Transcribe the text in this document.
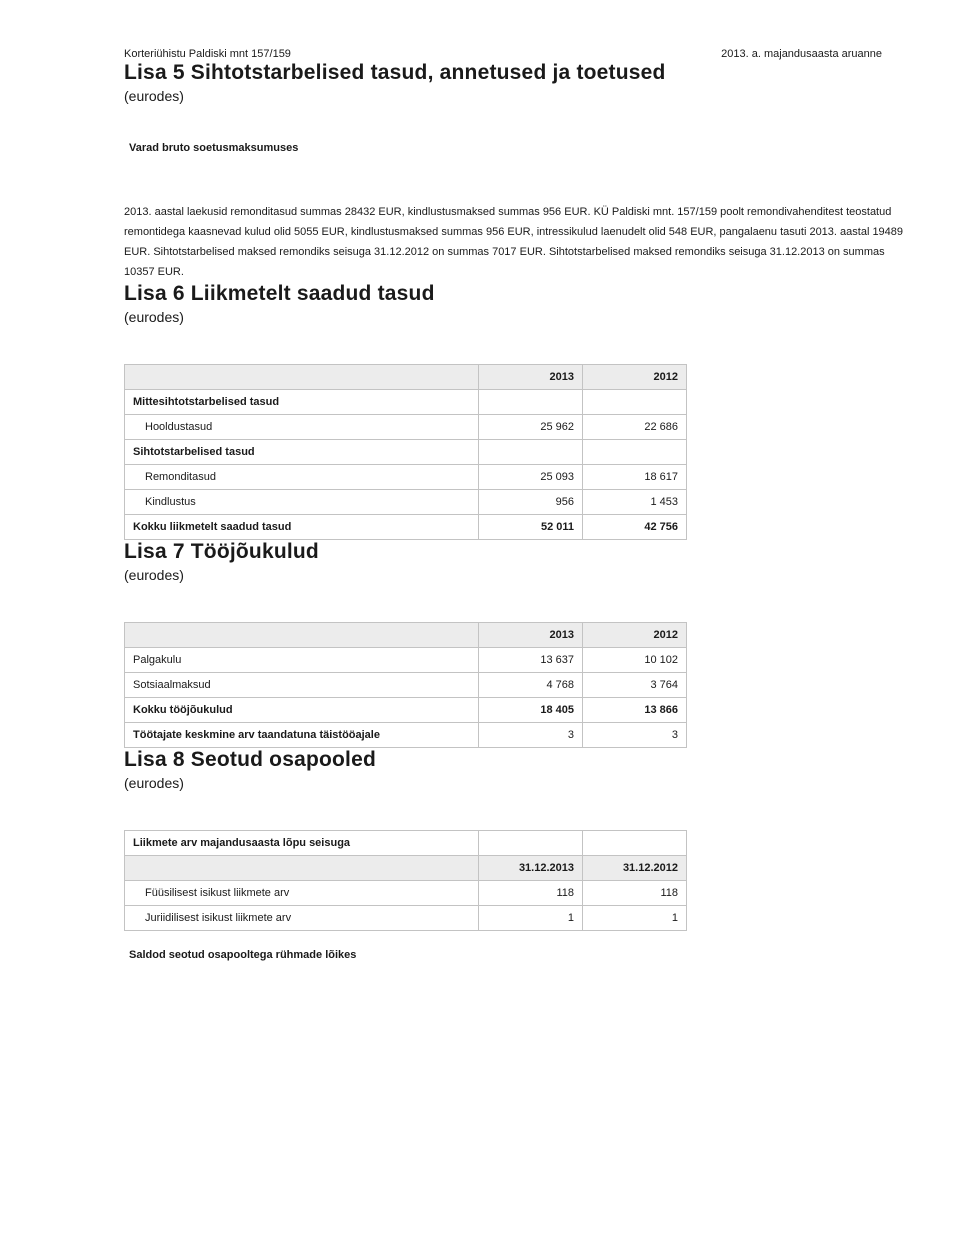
Korteriühistu Paldiski mnt 157/159	2013. a. majandusaasta aruanne
Lisa 5 Sihtotstarbelised tasud, annetused ja toetused
(eurodes)
Varad bruto soetusmaksumuses

2013. aastal laekusid remonditasud summas 28432 EUR, kindlustusmaksed summas 956 EUR. KÜ Paldiski mnt. 157/159 poolt remondivahenditest teostatud remontidega kaasnevad kulud olid 5055 EUR, kindlustusmaksed summas 956 EUR, intressikulud laenudelt olid 548 EUR, pangalaenu tasuti 2013. aastal 19489 EUR. Sihtotstarbelised maksed remondiks seisuga 31.12.2012 on summas 7017 EUR. Sihtotstarbelised maksed remondiks seisuga 31.12.2013 on summas 10357 EUR.

Lisa 6 Liikmetelt saadud tasud
(eurodes)
	2013	2012
Mittesihtotstarbelised tasud		
Hooldustasud	25 962	22 686
Sihtotstarbelised tasud		
Remonditasud	25 093	18 617
Kindlustus	956	1 453
Kokku liikmetelt saadud tasud	52 011	42 756
Lisa 7 Tööjõukulud
(eurodes)
	2013	2012
Palgakulu	13 637	10 102
Sotsiaalmaksud	4 768	3 764
Kokku tööjõukulud	18 405	13 866
Töötajate keskmine arv taandatuna täistööajale	3	3
Lisa 8 Seotud osapooled
(eurodes)
Liikmete arv majandusaasta lõpu seisuga		
	31.12.2013	31.12.2012
Füüsilisest isikust liikmete arv	118	118
Juriidilisest isikust liikmete arv	1	1
Saldod seotud osapooltega rühmade lõikes
